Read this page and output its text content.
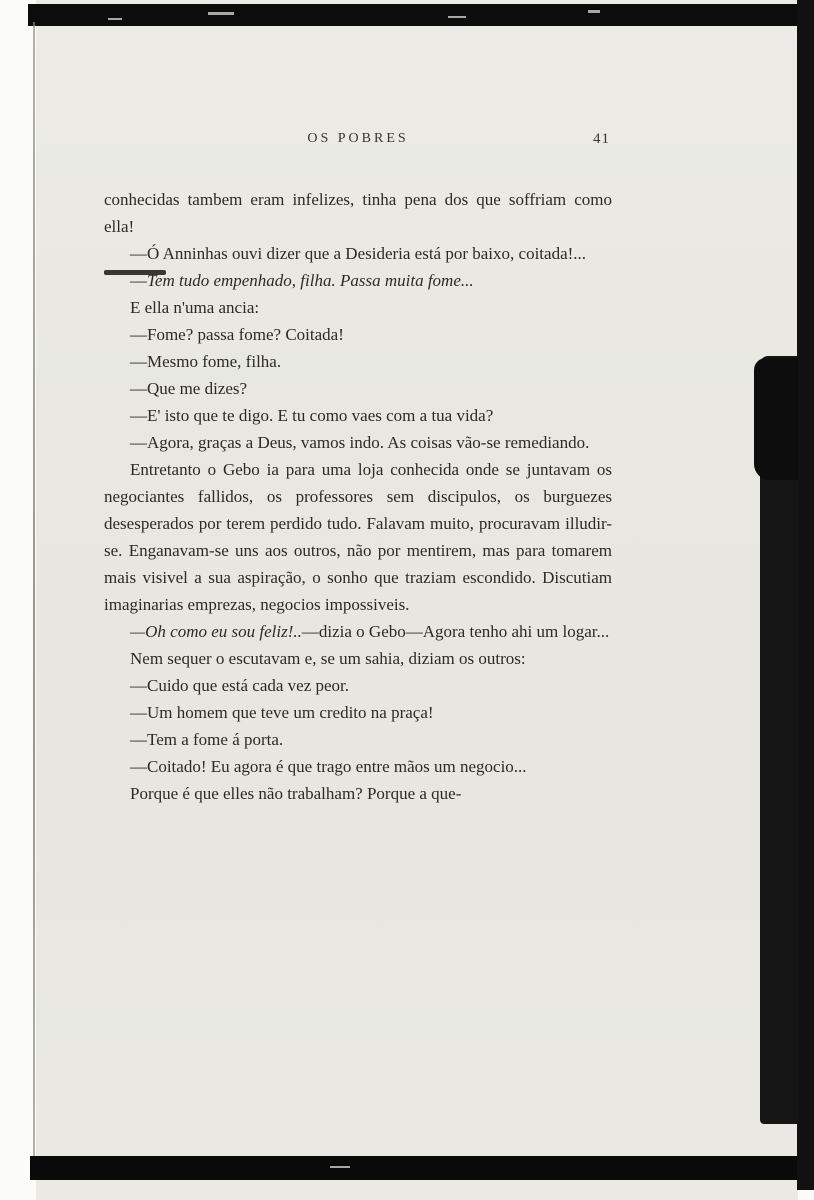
OS POBRES	41

conhecidas tambem eram infelizes, tinha pena dos que soffriam como ella!

—Ó Anninhas ouvi dizer que a Desideria está por baixo, coitada!...

—Tem tudo empenhado, filha. Passa muita fome...

E ella n'uma ancia:

—Fome? passa fome? Coitada!

—Mesmo fome, filha.

—Que me dizes?

—E' isto que te digo. E tu como vaes com a tua vida?

—Agora, graças a Deus, vamos indo. As coisas vão-se remediando.

Entretanto o Gebo ia para uma loja conhecida onde se juntavam os negociantes fallidos, os professores sem discipulos, os burguezes desesperados por terem perdido tudo. Falavam muito, procuravam illudir-se. Enganavam-se uns aos outros, não por mentirem, mas para tomarem mais visivel a sua aspiração, o sonho que traziam escondido. Discutiam imaginarias emprezas, negocios impossiveis.

—Oh como eu sou feliz!..—dizia o Gebo—Agora tenho ahi um logar...

Nem sequer o escutavam e, se um sahia, diziam os outros:

—Cuido que está cada vez peor.

—Um homem que teve um credito na praça!

—Tem a fome á porta.

—Coitado! Eu agora é que trago entre mãos um negocio...

Porque é que elles não trabalham? Porque a que-
